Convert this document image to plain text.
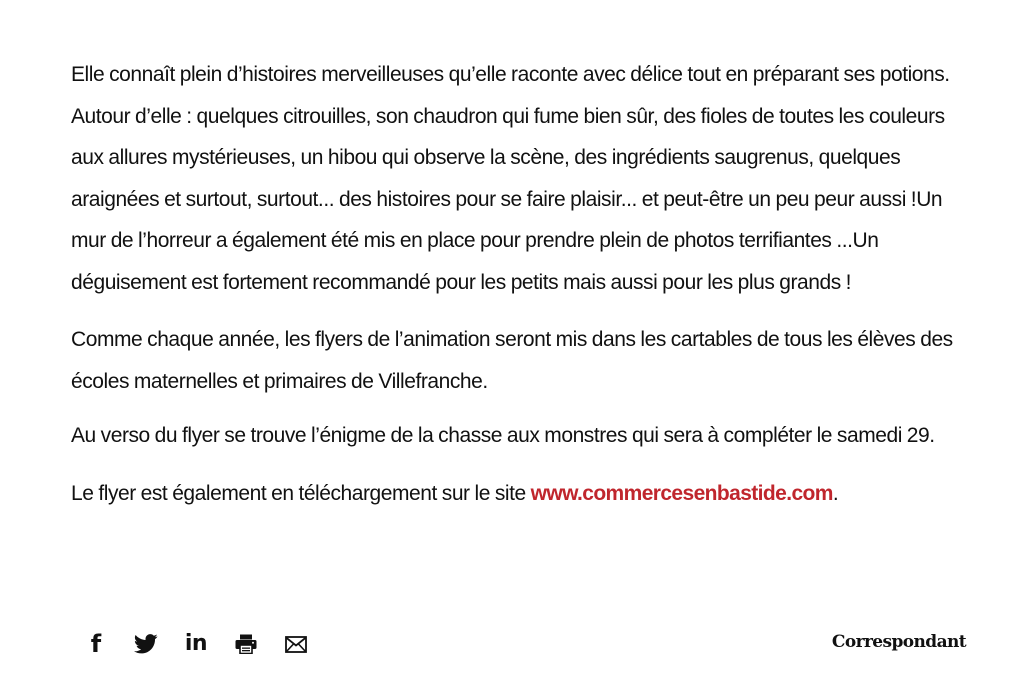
Elle connaît plein d’histoires merveilleuses qu’elle raconte avec délice tout en préparant ses potions. Autour d’elle : quelques citrouilles, son chaudron qui fume bien sûr, des fioles de toutes les couleurs aux allures mystérieuses, un hibou qui observe la scène, des ingrédients saugrenus, quelques araignées et surtout, surtout... des histoires pour se faire plaisir... et peut-être un peu peur aussi !Un mur de l’horreur a également été mis en place pour prendre plein de photos terrifiantes ...Un déguisement est fortement recommandé pour les petits mais aussi pour les plus grands !

Comme chaque année, les flyers de l’animation seront mis dans les cartables de tous les élèves des écoles maternelles et primaires de Villefranche.

Au verso du flyer se trouve l’énigme de la chasse aux monstres qui sera à compléter le samedi 29.

Le flyer est également en téléchargement sur le site www.commercesenbastide.com.

f	in	Correspondant
